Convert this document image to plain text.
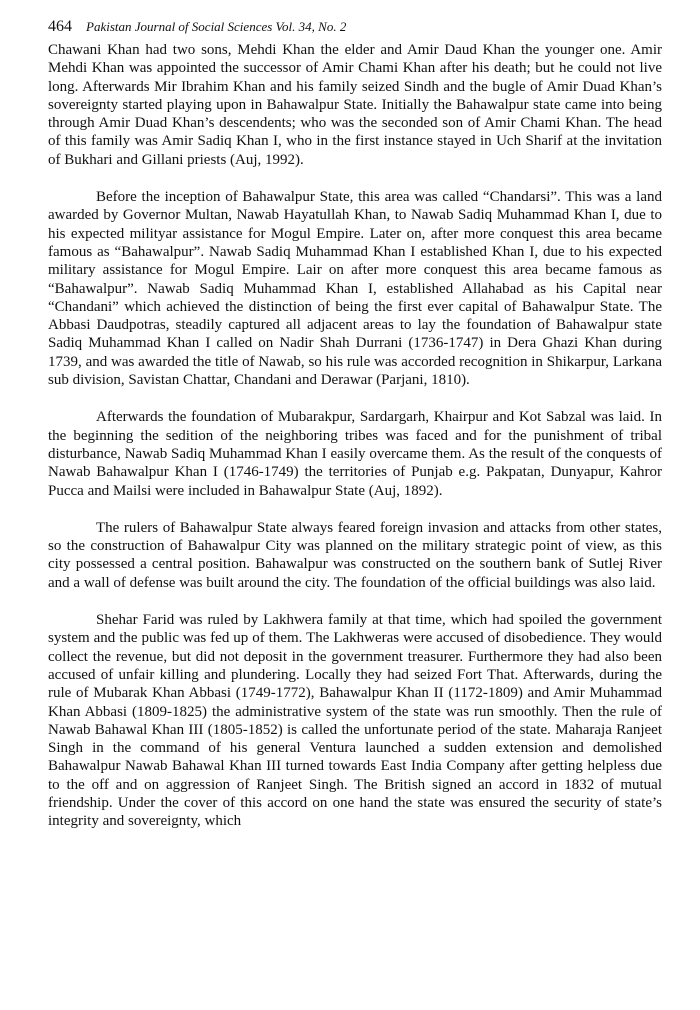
464 Pakistan Journal of Social Sciences Vol. 34, No. 2

Chawani Khan had two sons, Mehdi Khan the elder and Amir Daud Khan the younger one. Amir Mehdi Khan was appointed the successor of Amir Chami Khan after his death; but he could not live long. Afterwards Mir Ibrahim Khan and his family seized Sindh and the bugle of Amir Duad Khan’s sovereignty started playing upon in Bahawalpur State. Initially the Bahawalpur state came into being through Amir Duad Khan’s descendents; who was the seconded son of Amir Chami Khan. The head of this family was Amir Sadiq Khan I, who in the first instance stayed in Uch Sharif at the invitation of Bukhari and Gillani priests (Auj, 1992).

Before the inception of Bahawalpur State, this area was called “Chandarsi”. This was a land awarded by Governor Multan, Nawab Hayatullah Khan, to Nawab Sadiq Muhammad Khan I, due to his expected milityar assistance for Mogul Empire. Later on, after more conquest this area became famous as “Bahawalpur”. Nawab Sadiq Muhammad Khan I established Khan I, due to his expected military assistance for Mogul Empire. Lair on after more conquest this area became famous as “Bahawalpur”. Nawab Sadiq Muhammad Khan I, established Allahabad as his Capital near “Chandani” which achieved the distinction of being the first ever capital of Bahawalpur State. The Abbasi Daudpotras, steadily captured all adjacent areas to lay the foundation of Bahawalpur state Sadiq Muhammad Khan I called on Nadir Shah Durrani (1736-1747) in Dera Ghazi Khan during 1739, and was awarded the title of Nawab, so his rule was accorded recognition in Shikarpur, Larkana sub division, Savistan Chattar, Chandani and Derawar (Parjani, 1810).

Afterwards the foundation of Mubarakpur, Sardargarh, Khairpur and Kot Sabzal was laid. In the beginning the sedition of the neighboring tribes was faced and for the punishment of tribal disturbance, Nawab Sadiq Muhammad Khan I easily overcame them. As the result of the conquests of Nawab Bahawalpur Khan I (1746-1749) the territories of Punjab e.g. Pakpatan, Dunyapur, Kahror Pucca and Mailsi were included in Bahawalpur State (Auj, 1892).

The rulers of Bahawalpur State always feared foreign invasion and attacks from other states, so the construction of Bahawalpur City was planned on the military strategic point of view, as this city possessed a central position. Bahawalpur was constructed on the southern bank of Sutlej River and a wall of defense was built around the city. The foundation of the official buildings was also laid.

Shehar Farid was ruled by Lakhwera family at that time, which had spoiled the government system and the public was fed up of them. The Lakhweras were accused of disobedience. They would collect the revenue, but did not deposit in the government treasurer. Furthermore they had also been accused of unfair killing and plundering. Locally they had seized Fort That. Afterwards, during the rule of Mubarak Khan Abbasi (1749-1772), Bahawalpur Khan II (1172-1809) and Amir Muhammad Khan Abbasi (1809-1825) the administrative system of the state was run smoothly. Then the rule of Nawab Bahawal Khan III (1805-1852) is called the unfortunate period of the state. Maharaja Ranjeet Singh in the command of his general Ventura launched a sudden extension and demolished Bahawalpur Nawab Bahawal Khan III turned towards East India Company after getting helpless due to the off and on aggression of Ranjeet Singh. The British signed an accord in 1832 of mutual friendship. Under the cover of this accord on one hand the state was ensured the security of state’s integrity and sovereignty, which
